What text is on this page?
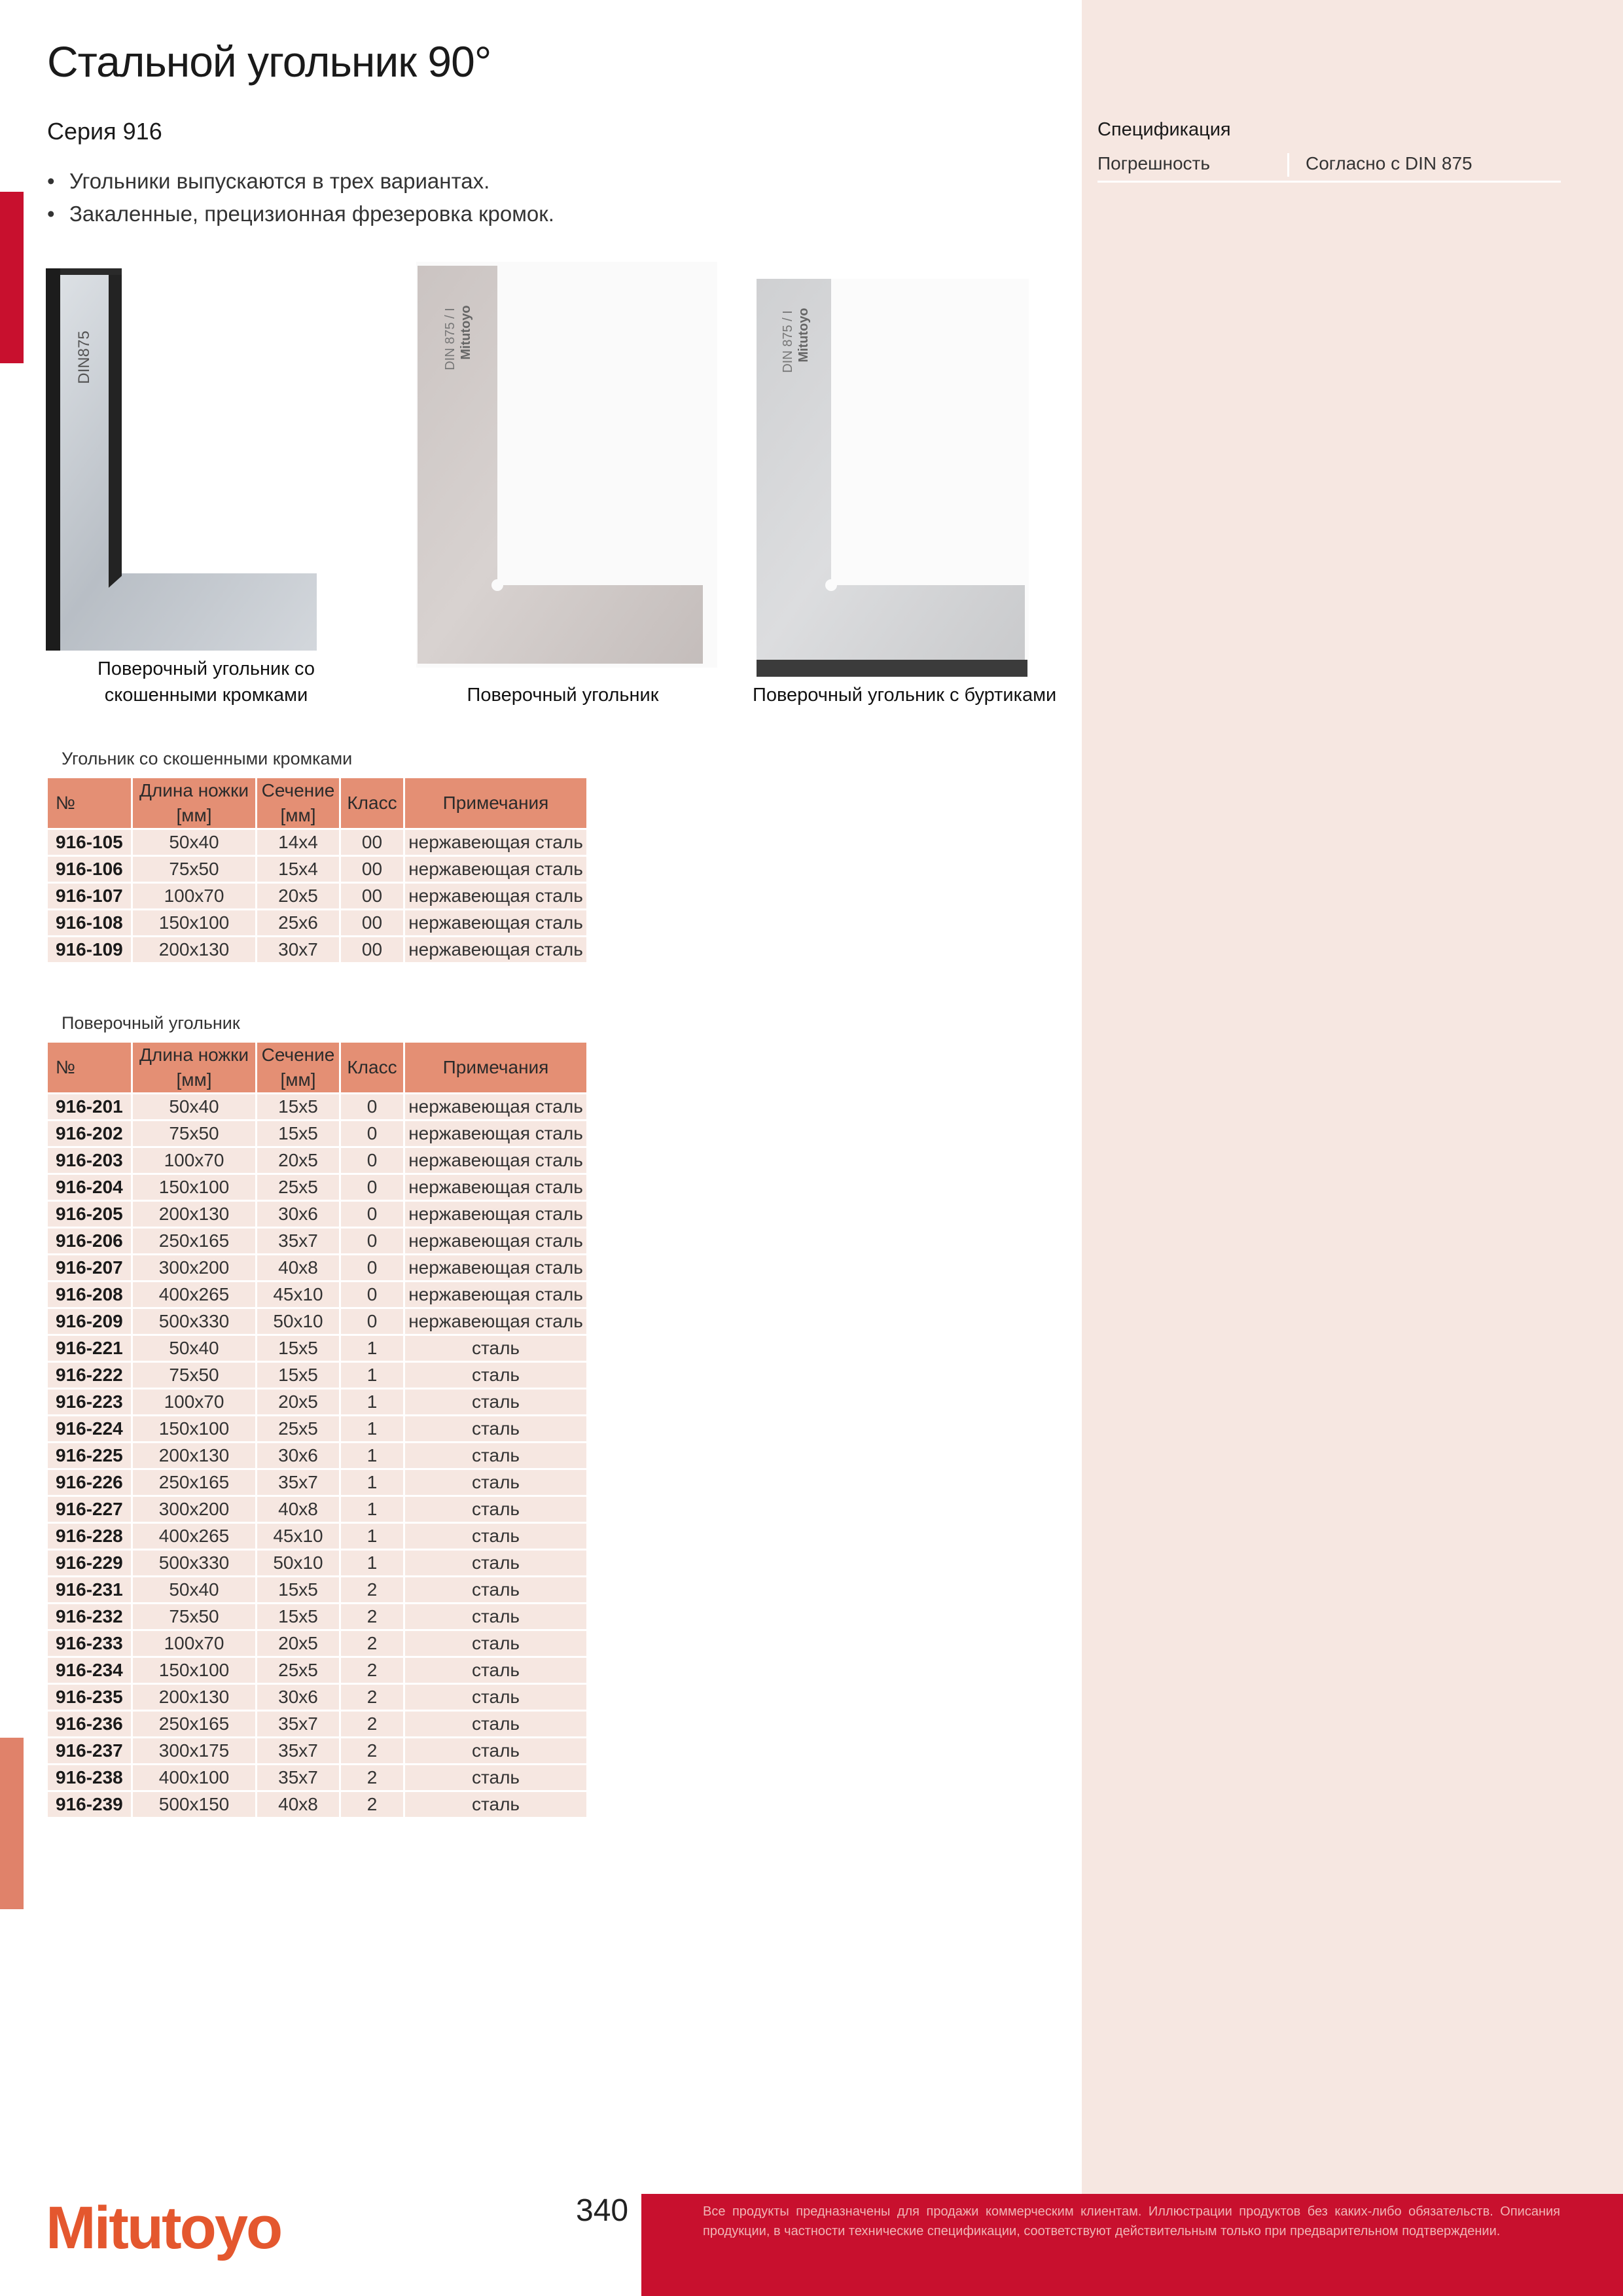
Стальной угольник 90°
Серия 916
• Угольники выпускаются в трех вариантах.
• Закаленные, прецизионная фрезеровка кромок.
DIN875
Поверочный угольник со скошенными кромками
DIN 875 / I Mitutoyo
Поверочный угольник
DIN 875 / I Mitutoyo
Поверочный угольник с буртиками
Угольник со скошенными кромками
№	Длина ножки [мм]	Сечение [мм]	Класс	Примечания
916-105	50x40	14x4	00	нержавеющая сталь
916-106	75x50	15x4	00	нержавеющая сталь
916-107	100x70	20x5	00	нержавеющая сталь
916-108	150x100	25x6	00	нержавеющая сталь
916-109	200x130	30x7	00	нержавеющая сталь
Поверочный угольник
№	Длина ножки [мм]	Сечение [мм]	Класс	Примечания
916-201	50x40	15x5	0	нержавеющая сталь
916-202	75x50	15x5	0	нержавеющая сталь
916-203	100x70	20x5	0	нержавеющая сталь
916-204	150x100	25x5	0	нержавеющая сталь
916-205	200x130	30x6	0	нержавеющая сталь
916-206	250x165	35x7	0	нержавеющая сталь
916-207	300x200	40x8	0	нержавеющая сталь
916-208	400x265	45x10	0	нержавеющая сталь
916-209	500x330	50x10	0	нержавеющая сталь
916-221	50x40	15x5	1	сталь
916-222	75x50	15x5	1	сталь
916-223	100x70	20x5	1	сталь
916-224	150x100	25x5	1	сталь
916-225	200x130	30x6	1	сталь
916-226	250x165	35x7	1	сталь
916-227	300x200	40x8	1	сталь
916-228	400x265	45x10	1	сталь
916-229	500x330	50x10	1	сталь
916-231	50x40	15x5	2	сталь
916-232	75x50	15x5	2	сталь
916-233	100x70	20x5	2	сталь
916-234	150x100	25x5	2	сталь
916-235	200x130	30x6	2	сталь
916-236	250x165	35x7	2	сталь
916-237	300x175	35x7	2	сталь
916-238	400x100	35x7	2	сталь
916-239	500x150	40x8	2	сталь
Спецификация
Погрешность	Согласно с DIN 875
Mitutoyo	340	Все продукты предназначены для продажи коммерческим клиентам. Иллюстрации продуктов без каких-либо обязательств. Описания продукции, в частности технические спецификации, соответствуют действительным только при предварительном подтверждении.
